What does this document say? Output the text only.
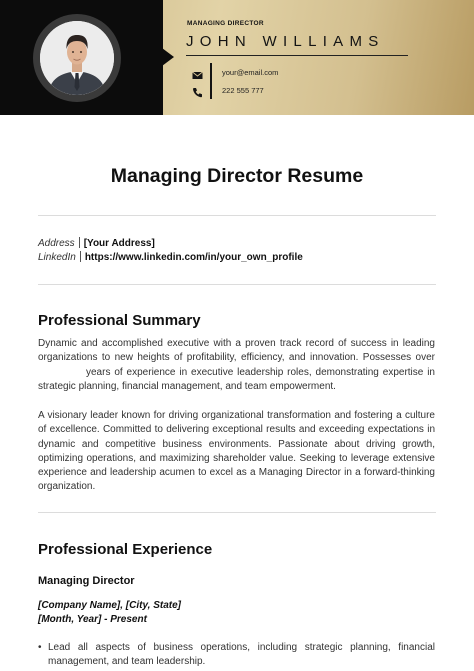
MANAGING DIRECTOR
JOHN WILLIAMS
your@email.com
222 555 777
Managing Director Resume
Address [Your Address]
LinkedIn https://www.linkedin.com/in/your_own_profile
Professional Summary
Dynamic and accomplished executive with a proven track record of success in leading organizations to new heights of profitability, efficiency, and innovation. Possesses over years of experience in executive leadership roles, demonstrating expertise in strategic planning, financial management, and team empowerment.
A visionary leader known for driving organizational transformation and fostering a culture of excellence. Committed to delivering exceptional results and exceeding expectations in dynamic and competitive business environments. Passionate about driving growth, optimizing operations, and maximizing shareholder value. Seeking to leverage extensive experience and leadership acumen to excel as a Managing Director in a forward-thinking organization.
Professional Experience
Managing Director
[Company Name], [City, State]
[Month, Year] - Present
• Lead all aspects of business operations, including strategic planning, financial management, and team leadership.
